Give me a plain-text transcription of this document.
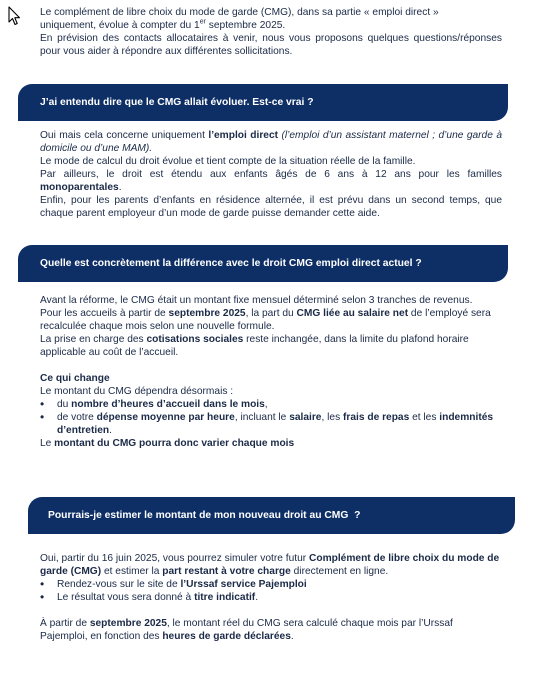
Le complément de libre choix du mode de garde (CMG), dans sa partie « emploi direct »
uniquement, évolue à compter du 1er septembre 2025.

En prévision des contacts allocataires à venir, nous vous proposons quelques questions/réponses pour vous aider à répondre aux différentes sollicitations.

J’ai entendu dire que le CMG allait évoluer. Est-ce vrai ?

Oui mais cela concerne uniquement l’emploi direct (l’emploi d’un assistant maternel ; d’une garde à domicile ou d’une MAM).

Le mode de calcul du droit évolue et tient compte de la situation réelle de la famille.

Par ailleurs, le droit est étendu aux enfants âgés de 6 ans à 12 ans pour les familles monoparentales.

Enfin, pour les parents d’enfants en résidence alternée, il est prévu dans un second temps, que chaque parent employeur d’un mode de garde puisse demander cette aide.

Quelle est concrètement la différence avec le droit CMG emploi direct actuel ?

Avant la réforme, le CMG était un montant fixe mensuel déterminé selon 3 tranches de revenus.

Pour les accueils à partir de septembre 2025, la part du CMG liée au salaire net de l’employé sera recalculée chaque mois selon une nouvelle formule.

La prise en charge des cotisations sociales reste inchangée, dans la limite du plafond horaire applicable au coût de l’accueil.

Ce qui change

Le montant du CMG dépendra désormais :

• du nombre d’heures d’accueil dans le mois,
• de votre dépense moyenne par heure, incluant le salaire, les frais de repas et les indemnités d’entretien.

Le montant du CMG pourra donc varier chaque mois

Pourrais-je estimer le montant de mon nouveau droit au CMG  ?

Oui, partir du 16 juin 2025, vous pourrez simuler votre futur Complément de libre choix du mode de garde (CMG) et estimer la part restant à votre charge directement en ligne.

• Rendez-vous sur le site de l’Urssaf service Pajemploi
• Le résultat vous sera donné à titre indicatif.

À partir de septembre 2025, le montant réel du CMG sera calculé chaque mois par l’Urssaf Pajemploi, en fonction des heures de garde déclarées.
